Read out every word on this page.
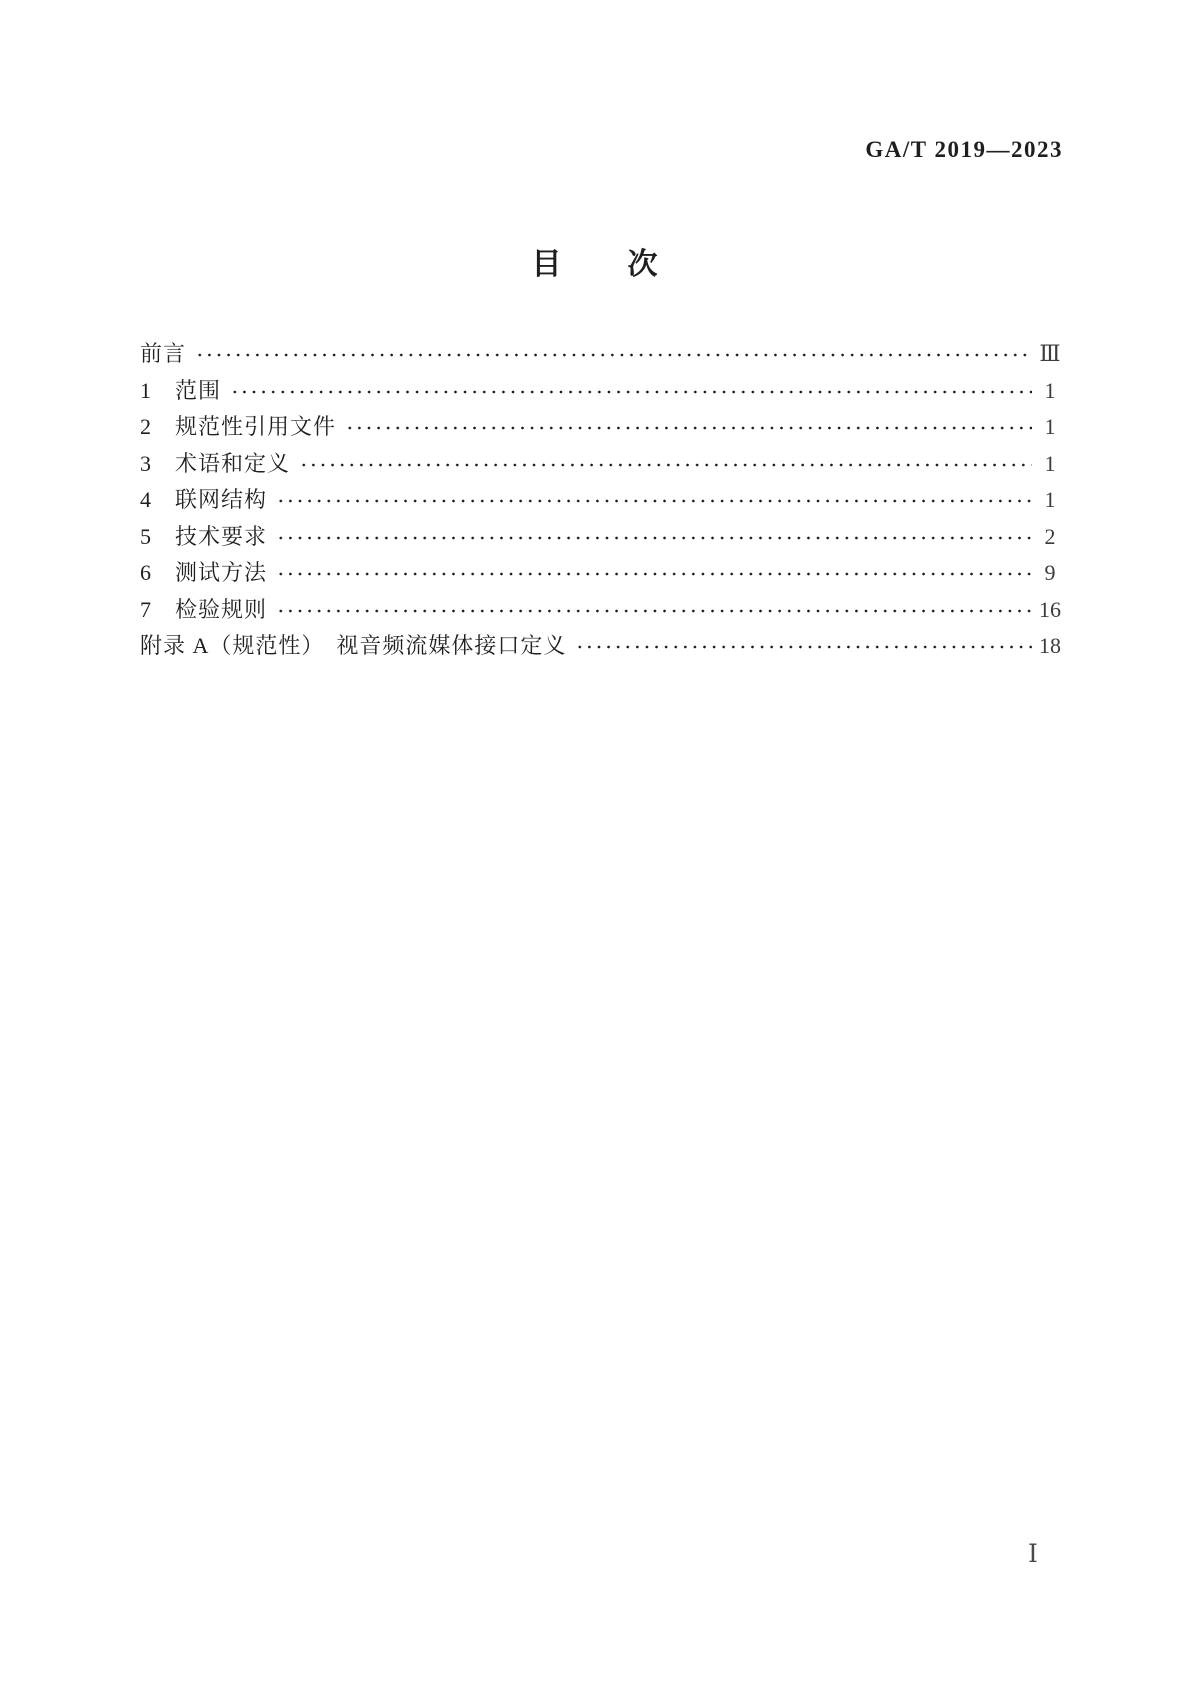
GA/T 2019—2023
目　　次
前言	Ⅲ
1　范围	1
2　规范性引用文件	1
3　术语和定义	1
4　联网结构	1
5　技术要求	2
6　测试方法	9
7　检验规则	16
附录 A（规范性）　视音频流媒体接口定义	18
Ⅰ
